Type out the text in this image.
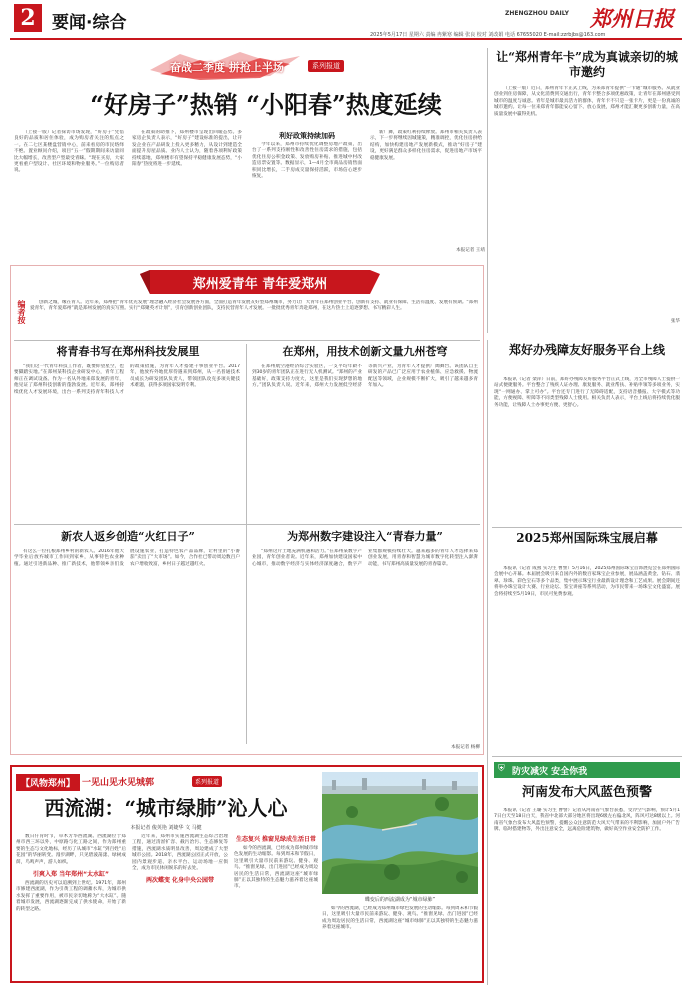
2 要闻·综合	ZHENGZHOU DAILY 郑州日报
2025年5月17日 星期六 责编 冉紫寒 编辑 张良 校对 刘改娟 电话 67655020 E-mail:zzrbjbs@163.com
奋战二季度 拼抢上半场	系列报道
“好房子”热销 “小阳春”热度延续

（上接一版）记者探访市场发现，“好房子”凭借良好的品质和居住体验，成为购房者关注的焦点之一。在二七区某楼盘营销中心，前来看房的市民络绎不绝。置业顾问介绍，项目“五一”假期期间来访量同比大幅增长，改善型户型最受青睐。“现在买房，大家更看重户型设计、社区环境和物业服务。”一位购房者说。

在政策的助推下，郑州楼市呈现出回暖态势。多家房企负责人表示，“好房子”建设标准的提出，让开发企业在产品研发上投入更多精力，从设计到建造全面提升房屋品质。业内人士认为，随着各项利好政策持续落地，郑州楼市有望保持平稳健康发展态势，“小阳春”热度将进一步延续。

利好政策持续加码

今年以来，郑州市持续优化调整房地产政策，出台了一系列支持刚性和改善性住房需求的措施，包括优化住房公积金政策、发放购房补贴、推进城中村改造房票安置等。数据显示，1—4月全市商品房销售面积同比增长，二手房成交量保持活跃，市场信心逐步恢复。

新厂舞，政策红利持续释放。郑州市相关负责人表示，下一步将继续因城施策，精准调控，优化住房供给结构，加快构建房地产发展新模式，推动“好房子”建设，更好满足群众多样化住房需求，促进房地产市场平稳健康发展。

本报记者 王靖
让“郑州青年卡”成为真诚亲切的城市邀约

（上接一版）近日，郑州青年卡正式上线，为来郑青年提供“一卡通”城市服务。从就业创业到住房保障，从文化消费到交通出行，青年卡整合多项优惠政策，让青年在郑州感受到城市的温度与诚意。青年是城市最具活力的群体，青年卡不只是一张卡片，更是一份真诚的城市邀约。让每一位来郑青年都能安心留下、放心发展，郑州才能汇聚更多创新力量，在高质量发展中赢得先机。

张华
郑州爱青年 青年爱郑州
编者按	创新之城，缘在青人。近年来，郑州把“青年优先发展”理念融入经济社会发展各方面，全面打造青年发展友好型郑州城市，努力让广大青年在郑州创业平台、创新有支持、就业有保障、生活有温度、发展有预期。“郑州爱青年，青年爱郑州”就是郑州发展的真实写照。实行“郑聚英才计划”，引育创新创业团队，支持民营青年人才发展。一批批优秀青年奔赴郑州，在这片热土上追逐梦想、书写精彩人生。

将青春书写在郑州科技发展里

“我们这一代青年科技工作者，既要仰望星空，也要脚踏实地。”在郑州某科技企业研发中心，青年工程师正在调试设备。作为一名从外地来郑发展的青年，他见证了郑州科技创新的蓬勃发展。近年来，郑州持续优化人才发展环境，出台一系列支持青年科技人才的政策措施，为青年人才搭建干事创业平台。2017年，他放弃外地优厚待遇来到郑州，从一名普通技术员成长为研发团队负责人，带领团队攻克多项关键技术难题，获得多项国家发明专利。

在郑州，用技术创新文量九州苍穹

在郑州航空港经济综合实验区，一支平均年龄不到30岁的青年团队正在进行无人机测试。“郑州的产业基础好，政策支持力度大，这里是我们实现梦想的地方。”团队负责人说。近年来，郑州大力发展低空经济等新兴产业，为青年人才提供广阔舞台。该团队自主研发的产品已广泛应用于农业植保、应急救援、物流配送等领域，企业规模不断扩大，吸引了越来越多青年加入。

新农人返乡创造“火红日子”

有这么一位扎根郑州乡村的新农人。2016年他大学毕业后放弃城市工作回到家乡，从事特色农业种植。通过引进新品种、推广新技术，他带领乡亲们发展设施农业，打造特色农产品品牌，让村里的“小番茄”卖出了“大市场”。如今，合作社已带动周边数百户农户增收致富，乡村日子越过越红火。

为郑州数字建设注入“青春力量”

“郑州这片土地充满机遇和活力。”在郑州某数字产业园，青年创业者说。近年来，郑州加快建设国家中心城市，推动数字经济与实体经济深度融合，数字产业集群规模持续壮大。越来越多的青年人才选择来郑创业发展，用青春和智慧为城市数字化转型注入澎湃动能，书写郑州高质量发展的青春篇章。

本报记者 杨柳
郑好办残障友好服务平台上线

本报讯（记者 栾萍）日前，郑好办残障友好服务平台正式上线，为全市残障人士提供一站式便捷服务。平台整合了残疾人证办理、康复服务、就业帮扶、补贴申领等多项业务，实现“一网通办、掌上可办”。平台还专门进行了无障碍适配，支持语音播报、大字模式等功能，方便视障、听障等不同类型残障人士使用。相关负责人表示，平台上线后将持续优化服务功能，让残障人士办事更方便、更舒心。

2025郑州国际珠宝展启幕

本报讯（记者 成燕 实习生 曹譬）5月16日，2025郑州国际珠宝首饰展览会在郑州国际会展中心开幕。本届展会吸引来自国内外的数百家珠宝企业参展，展品涵盖黄金、钻石、翡翠、珍珠、彩色宝石等多个品类，集中展示珠宝行业最新设计理念和工艺成果。展会期间还将举办珠宝设计大赛、行业论坛、鉴宝讲座等系列活动，为市民带来一场珠宝文化盛宴。展会将持续至5月19日，市民可免费参观。

⛨ 防灾减灾 安全你我
河南发布大风蓝色预警

本报讯（记者 王璐 实习生 曹譬）记者从河南省气象台获悉，受冷空气影响，预计5月17日白天至18日白天，我省中北部大部分地区将出现6级左右偏北风，阵风可达8级以上。河南省气象台发布大风蓝色预警，提醒公众注意防范大风天气带来的不利影响，加固户外广告牌、临时搭建物等，外出注意安全，远离危险建筑物，做好高空作业安全防护工作。

【风物郑州】 一见山见水见城郭	系列报道
西流湖：“城市绿肺”沁人心
本报记者 俊英艳 刘婕华 文 马健
蝶变后的西流湖成为“城市绿肺”

数日仔育时节，草木芳华西流湖。西流湖位于郑州市西三环以外，中原路与化工路之间，作为郑州重要的生态与文化地标，经历了从城市“水缸”到百姓“后花园”的华丽转变。漫步湖畔，只见碧波荡漾、绿树成荫，鸟鸣声声，游人如织。

引爽入郑 当年郑州“太水缸”

西流湖的历史可以追溯到上世纪。1971年，郑州市修建西流湖，作为引黄工程的调蓄水库，为城市供水发挥了重要作用，被市民亲切地称为“大水缸”。随着城市发展，西流湖逐渐完成了供水使命，开始了新的转型之路。

近年来，郑州市实施西流湖生态综合治理工程，通过清淤扩容、截污治污、生态修复等措施，西流湖水质明显改善，周边建成了大型城市公园。2018年，西流湖公园正式开放，公园内景观步道、亲水平台、运动场地一应俱全，成为市民休闲娱乐的好去处。

两次蝶变 化身中央公园带
生态复兴 推窗见绿成生活日常

如今的西流湖，已经成为郑州城市绿色发展的生动缩影。每到周末和节假日，这里吸引大量市民前来游玩、健身、观鸟。“推窗见绿、出门进园”已经成为周边居民的生活日常，西流湖这座“城市绿肺”正以其独特的生态魅力滋养着这座城市。

如今的西流湖，已经成为郑州城市绿色发展的生动缩影。每到周末和节假日，这里吸引大量市民前来游玩、健身、观鸟。“推窗见绿、出门进园”已经成为周边居民的生活日常，西流湖这座“城市绿肺”正以其独特的生态魅力滋养着这座城市。
